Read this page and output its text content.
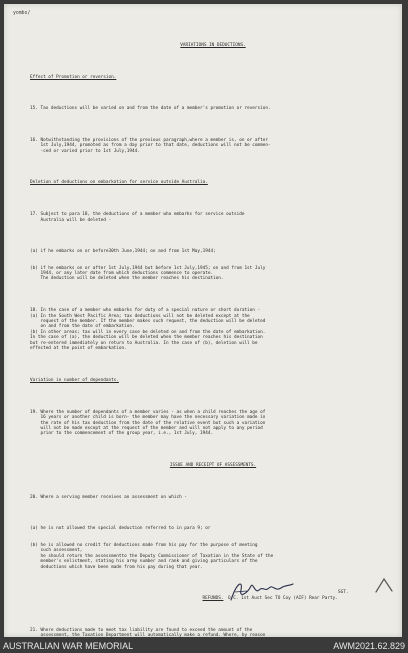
yombs/

VARIATIONS IN DEDUCTIONS.

Effect of Promotion or reversion.

15. Tax deductions will be varied on and from the date of a member's promotion or reversion.

16. Notwithstanding the provisions of the previous paragraph,where a member is, on or after
1st July,1944, promoted as from a day prior to that date, deductions will not be commen-
-ced or varied prior to 1st July,1944.

Deletion of deductions on embarkation for service outside Australia.

17. Subject to para 18, the deductions of a member who embarks for service outside
Australia will be deleted -

(a) if he embarks on or before30th June,1944; on and from 1st May,1944;

(b) if he embarks on or after 1st July,1944 but before 1st July,1945; on and from 1st July
1944, or any later date from which deductions commence to operate.
The deduction will be deleted when the member reaches his destination.

18. In the case of a member who embarks for duty of a special nature or short duration -
(a) In the South West Pacific Area; tax deductions will not be deleted except at the
request of the member. If the member makes such request, the deduction will be deleted
on and from the date of embarkation.
(b) In other areas; tax will in every case be deleted on and from the date of embarkation.
In the case of (a), the deduction will be deleted when the member reaches his destination
but re-entered immediately on return to Australia. In the case of (b), deletion will be
effected at the point of embarkation.

Variation in number of dependants.

19. Where the number of dependants of a member varies - as when a child reaches the age of
16 years or another child is born- the member may have the necessary variation made in
the rate of his tax deduction from the date of the relative event but such a variation
will not be made except at the request of the member and will not apply to any period
prior to the commencement of the group year, i.e., 1st July, 1944.

ISSUE AND RECEIPT OF ASSESSMENTS.

20. Where a serving member receives an assessment on which -

(a) he is not allowed the special deduction referred to in para 9; or

(b) he is allowed no credit for deductions made from his pay for the purpose of meeting
such assessment,
he should return the assessmentto the Deputy Commissioner of Taxation in the State of the
member's enlistment, stating his army number and rank and giving particulars of the
deductions which have been made from his pay during that year.

REFUNDS.

21. Where deductions made to meet tax liability are found to exceed the amount of the
assessment, the Taxation Department will automatically make a refund. Where, by reason

SGT.
O.C. 1st Aust Sec TO Coy (AIF) Rear Party.
AUSTRALIAN WAR MEMORIAL	AWM2021.62.829
